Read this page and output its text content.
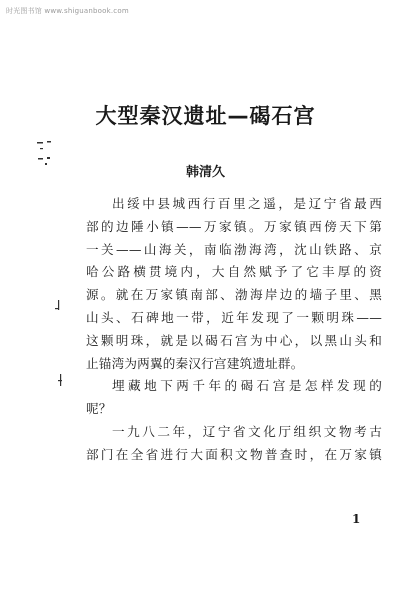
时光图书馆 www.shiguanbook.com
大型秦汉遗址—碣石宫
韩清久
出绥中县城西行百里之遥，是辽宁省最西
部的边陲小镇——万家镇。万家镇西傍天下第
一关——山海关，南临渤海湾，沈山铁路、京
哈公路横贯境内，大自然赋予了它丰厚的资
源。就在万家镇南部、渤海岸边的墙子里、黑
山头、石碑地一带，近年发现了一颗明珠——
这颗明珠，就是以碣石宫为中心，以黑山头和
止锚湾为两翼的秦汉行宫建筑遗址群。
埋藏地下两千年的碣石宫是怎样发现的
呢？
一九八二年，辽宁省文化厅组织文物考古
部门在全省进行大面积文物普查时，在万家镇
1
